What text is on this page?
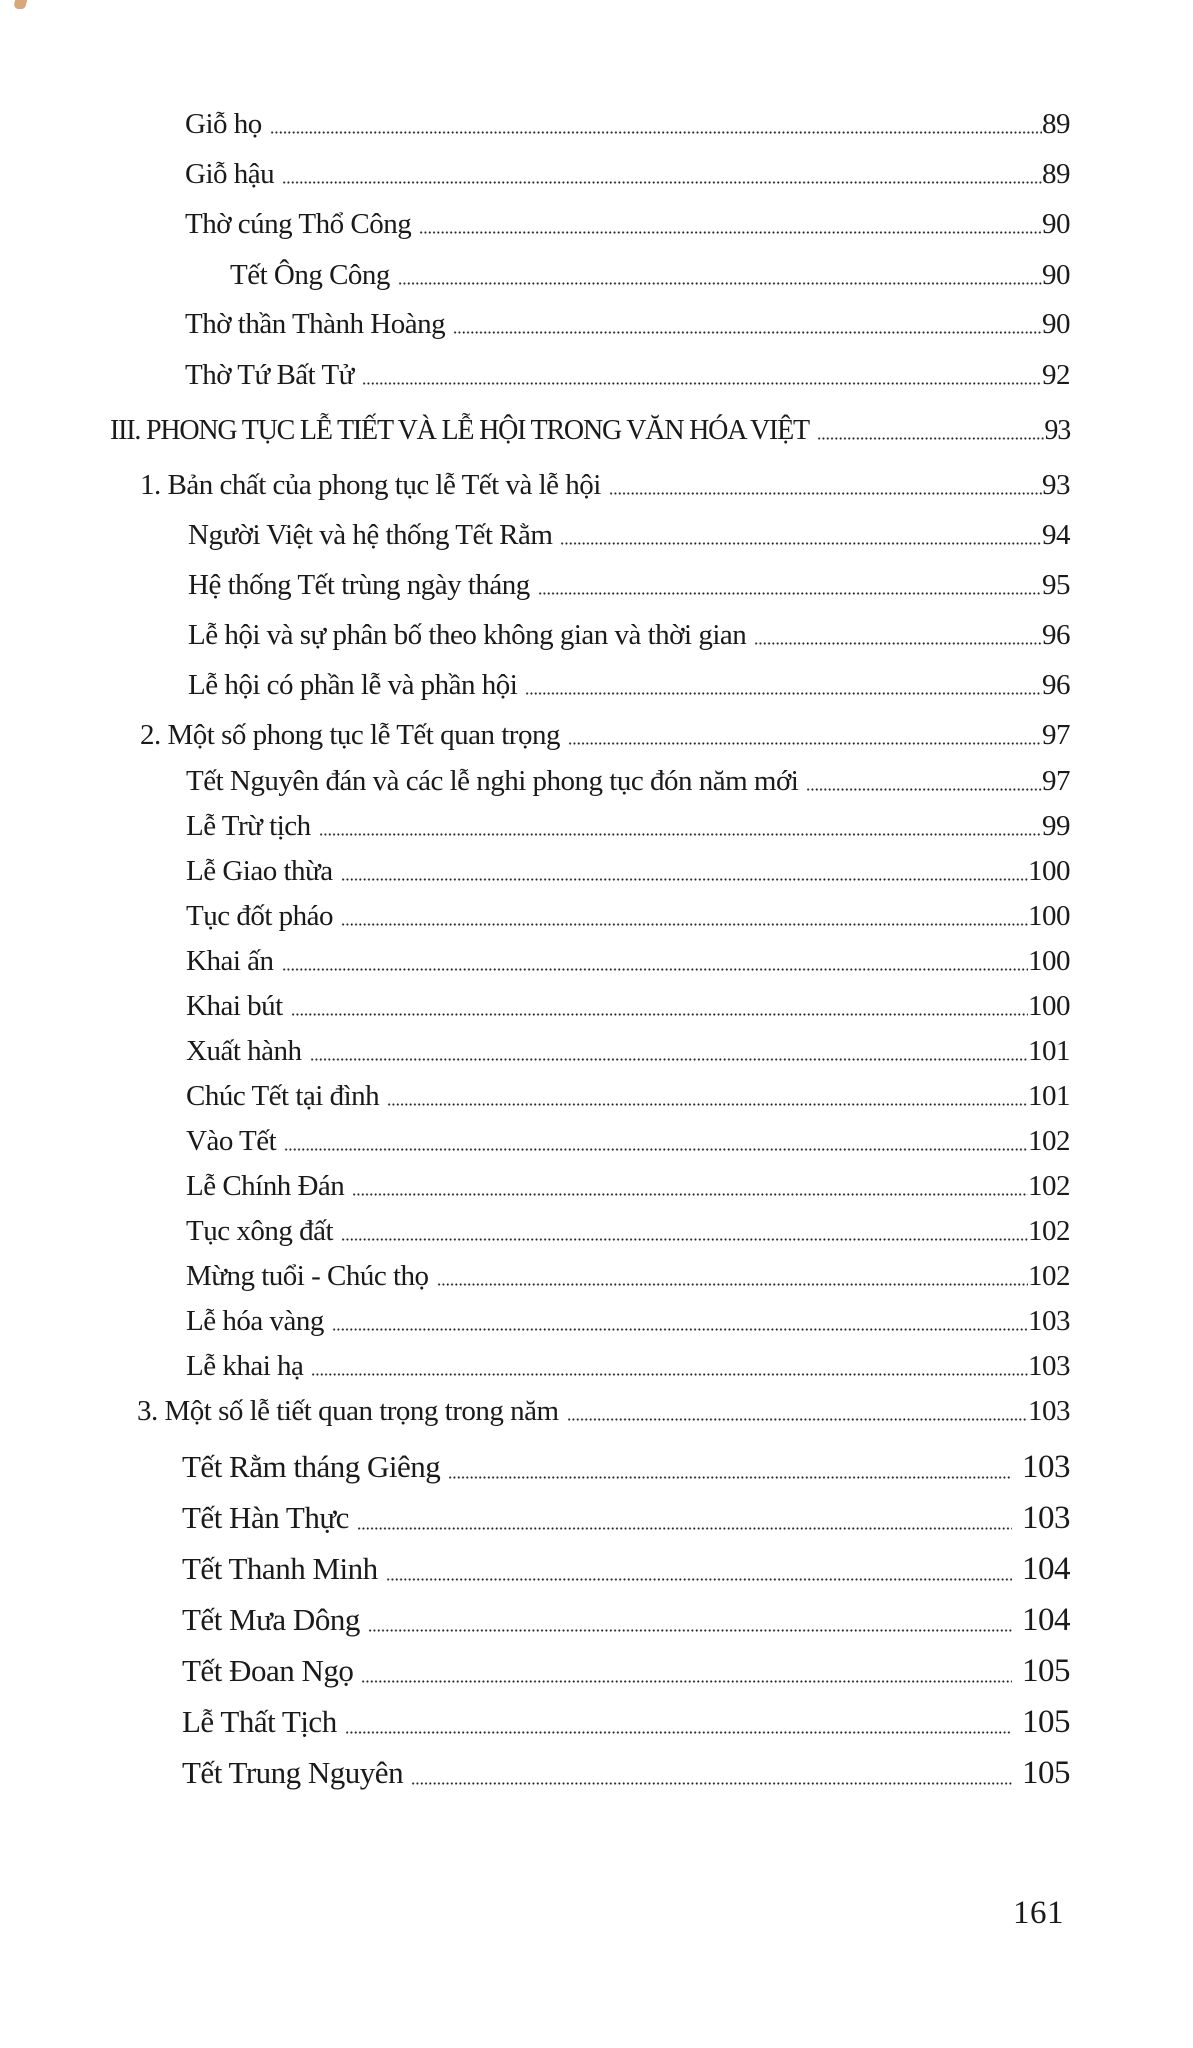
Giỗ họ	89
Giỗ hậu	89
Thờ cúng Thổ Công	90
Tết Ông Công	90
Thờ thần Thành Hoàng	90
Thờ Tứ Bất Tử	92
III. PHONG TỤC LỄ TIẾT VÀ LỄ HỘI TRONG VĂN HÓA VIỆT	93
1. Bản chất của phong tục lễ Tết và lễ hội	93
Người Việt và hệ thống Tết Rằm	94
Hệ thống Tết trùng ngày tháng	95
Lễ hội và sự phân bố theo không gian và thời gian	96
Lễ hội có phần lễ và phần hội	96
2. Một số phong tục lễ Tết quan trọng	97
Tết Nguyên đán và các lễ nghi phong tục đón năm mới	97
Lễ Trừ tịch	99
Lễ Giao thừa	100
Tục đốt pháo	100
Khai ấn	100
Khai bút	100
Xuất hành	101
Chúc Tết tại đình	101
Vào Tết	102
Lễ Chính Đán	102
Tục xông đất	102
Mừng tuổi - Chúc thọ	102
Lễ hóa vàng	103
Lễ khai hạ	103
3. Một số lễ tiết quan trọng trong năm	103
Tết Rằm tháng Giêng	103
Tết Hàn Thực	103
Tết Thanh Minh	104
Tết Mưa Dông	104
Tết Đoan Ngọ	105
Lễ Thất Tịch	105
Tết Trung Nguyên	105
161
